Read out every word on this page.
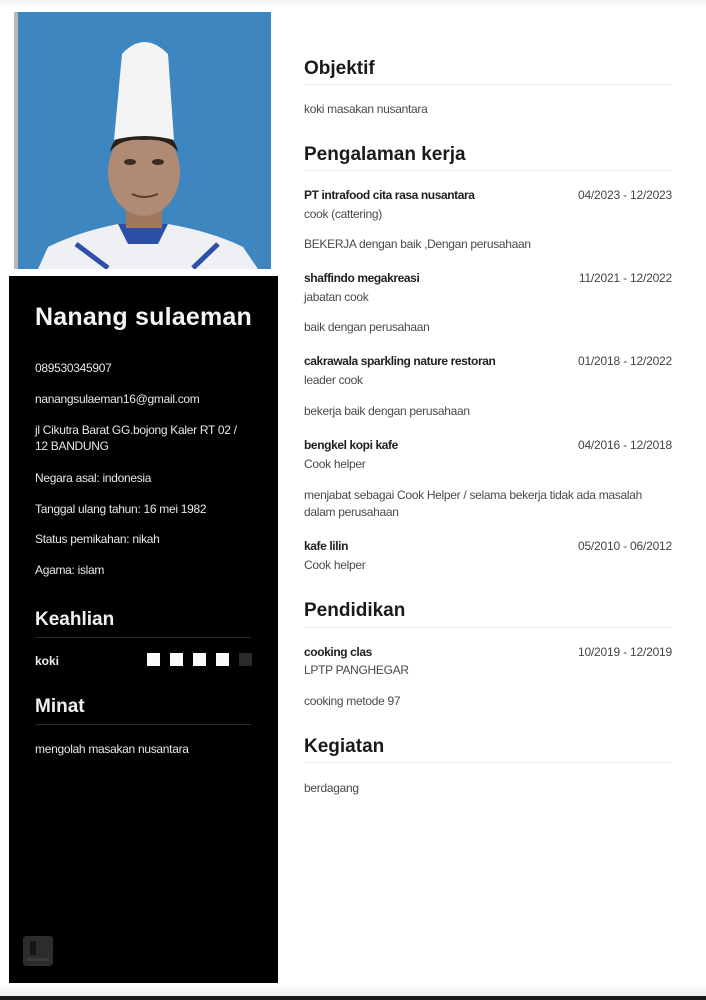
Nanang sulaeman
089530345907
nanangsulaeman16@gmail.com
jl Cikutra Barat GG.bojong Kaler RT 02 / 12 BANDUNG
Negara asal: indonesia
Tanggal ulang tahun: 16 mei 1982
Status pemikahan: nikah
Agama: islam
Keahlian
koki
Minat
mengolah masakan nusantara
Objektif
koki masakan nusantara
Pengalaman kerja
PT intrafood cita rasa nusantara	04/2023 - 12/2023
cook (cattering)
BEKERJA dengan baik ,Dengan perusahaan
shaffindo megakreasi	11/2021 - 12/2022
jabatan cook
baik dengan perusahaan
cakrawala sparkling nature restoran	01/2018 - 12/2022
leader cook
bekerja baik dengan perusahaan
bengkel kopi kafe	04/2016 - 12/2018
Cook helper
menjabat sebagai Cook Helper / selama bekerja tidak ada masalah dalam perusahaan
kafe lilin	05/2010 - 06/2012
Cook helper
Pendidikan
cooking clas	10/2019 - 12/2019
LPTP PANGHEGAR
cooking metode 97
Kegiatan
berdagang
